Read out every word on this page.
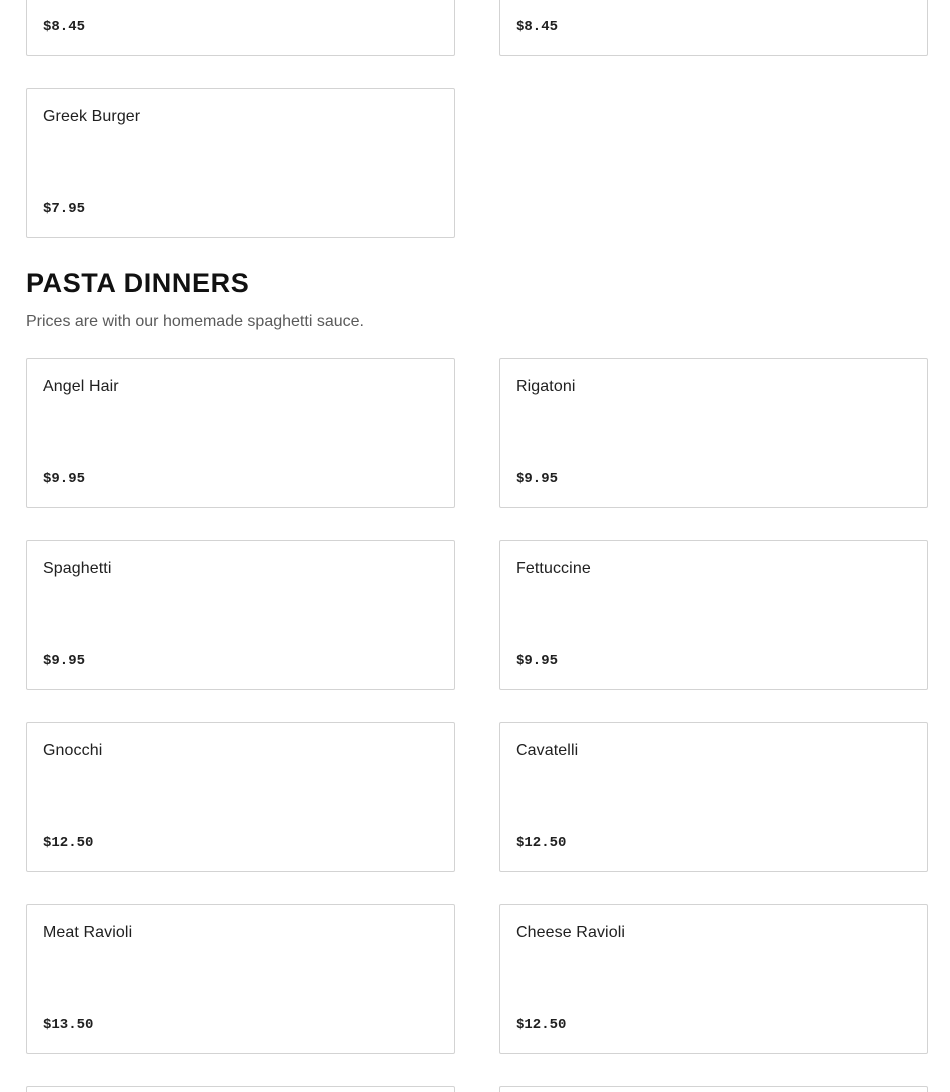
$8.45	$8.45
Greek Burger
$7.95
PASTA DINNERS

Prices are with our homemade spaghetti sauce.

Angel Hair
$9.95
Rigatoni
$9.95
Spaghetti
$9.95
Fettuccine
$9.95
Gnocchi
$12.50
Cavatelli
$12.50
Meat Ravioli
$13.50
Cheese Ravioli
$12.50
